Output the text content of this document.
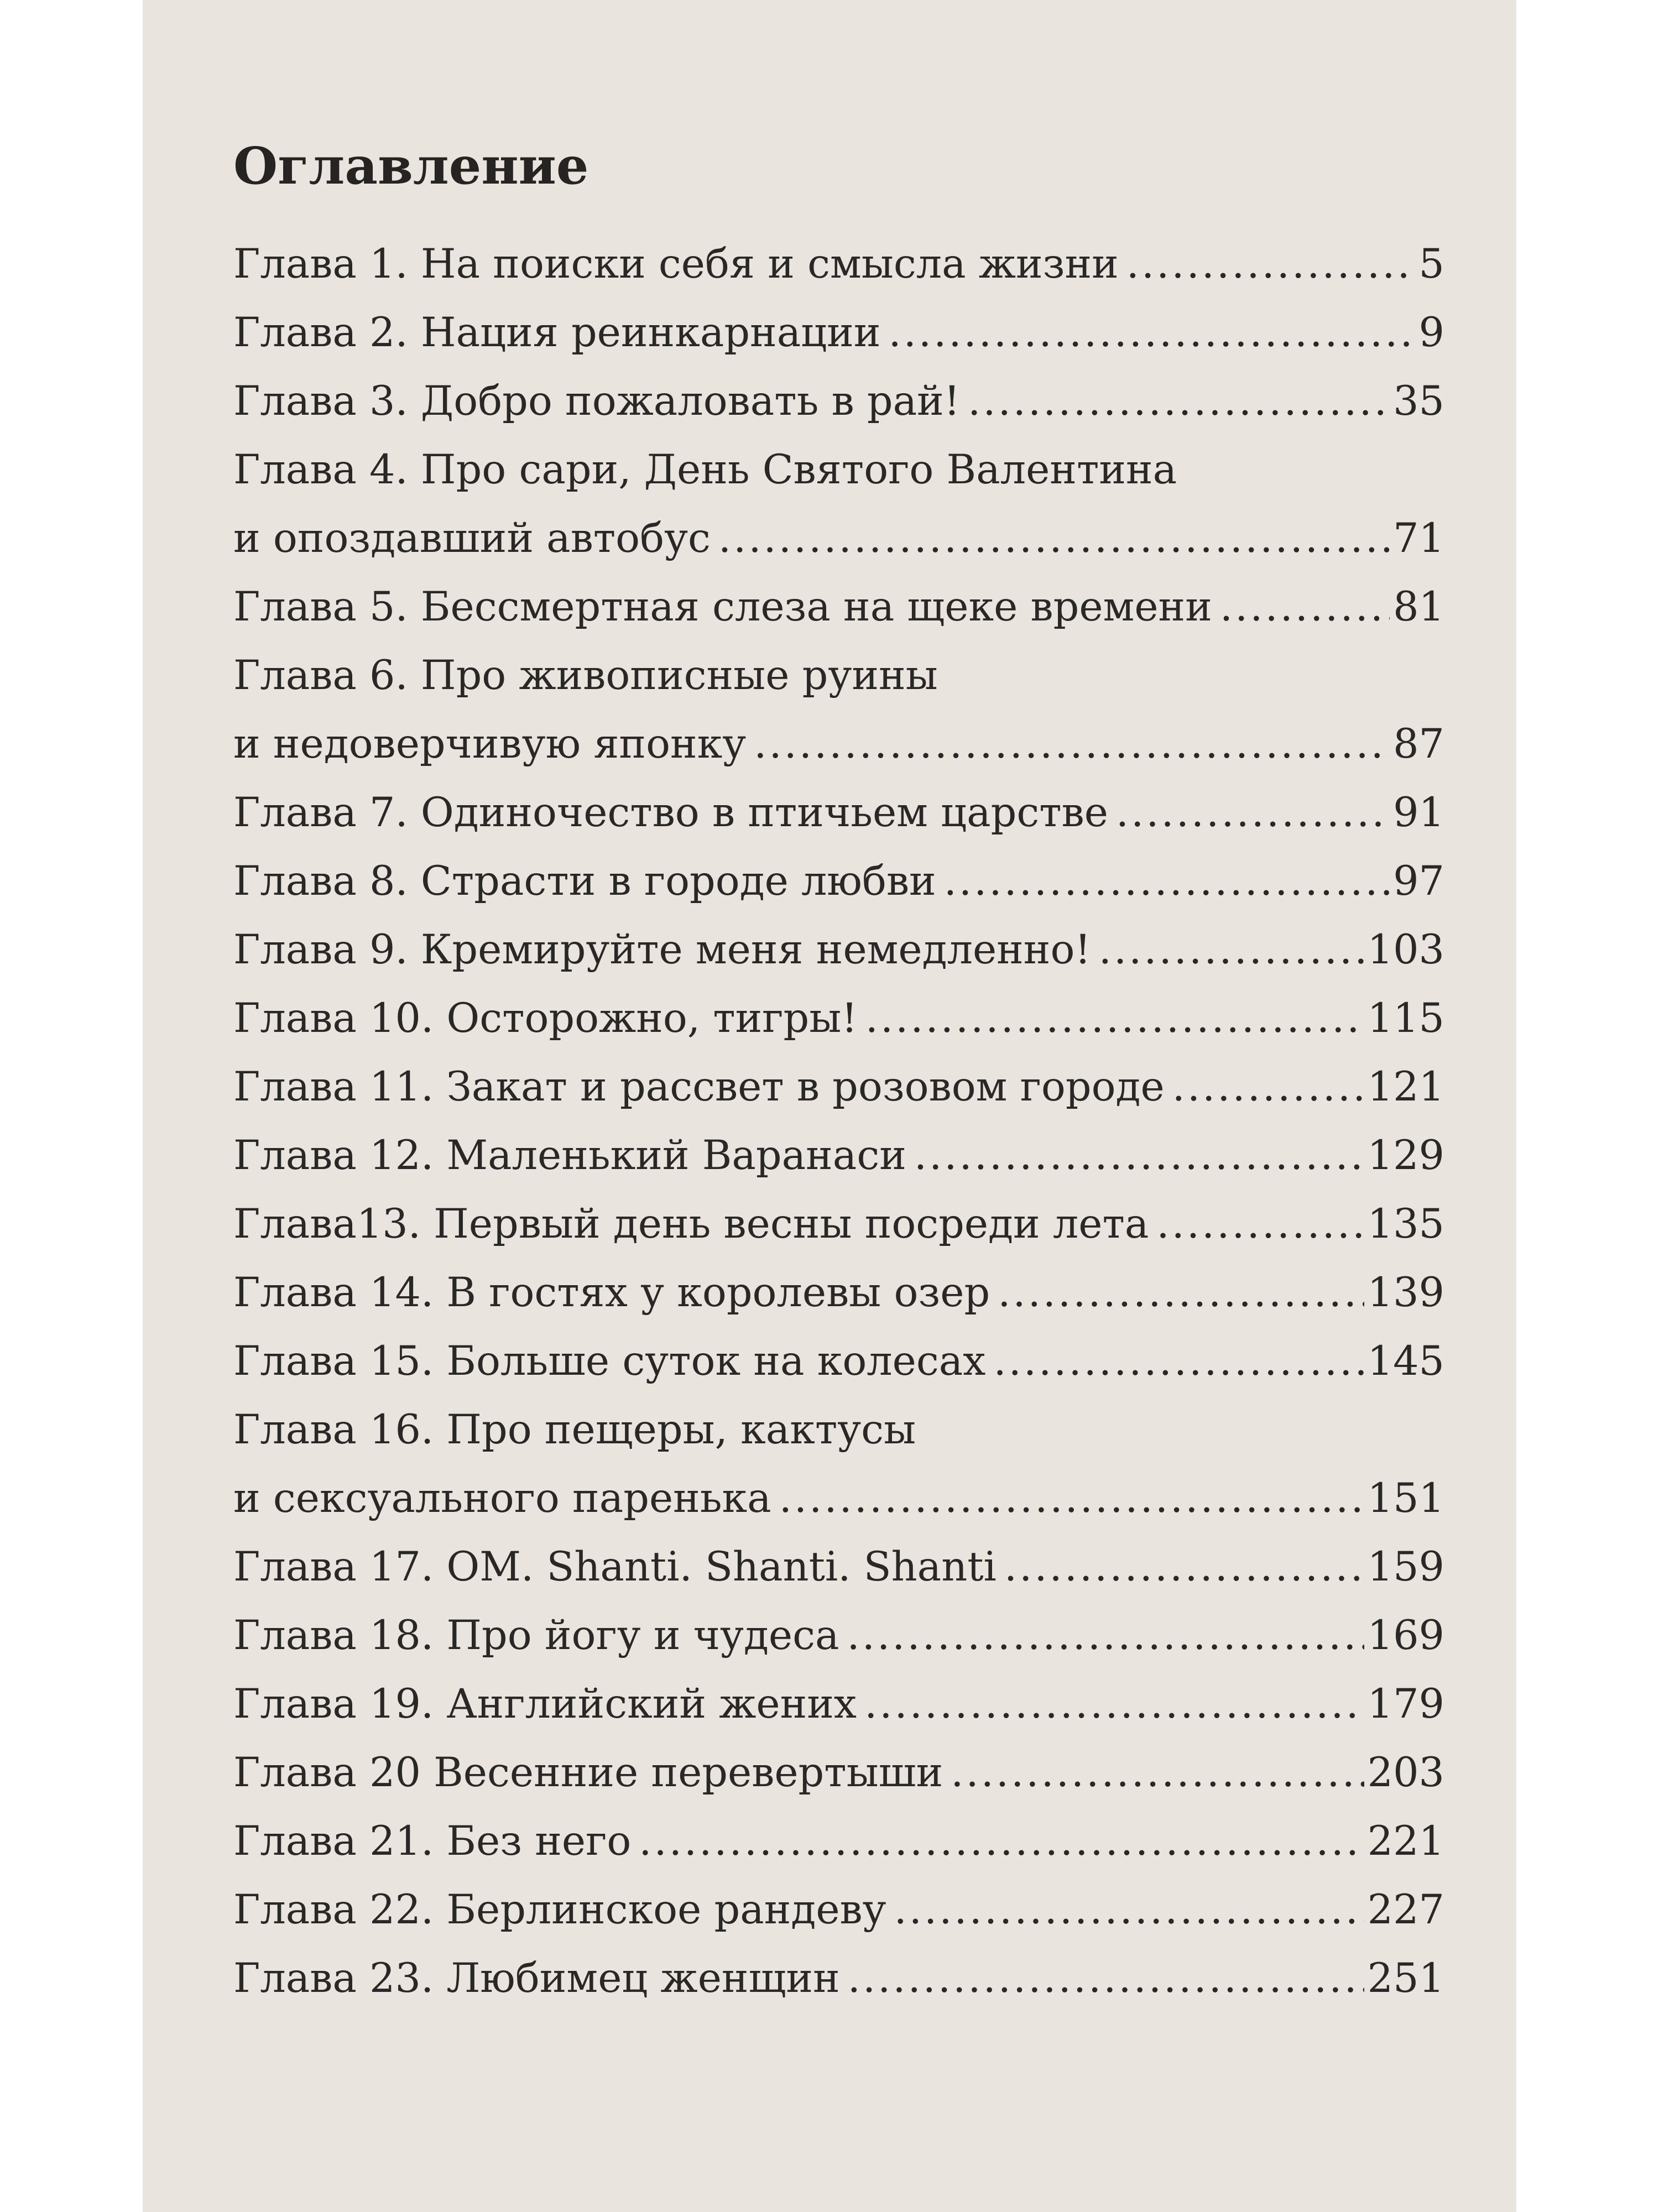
Оглавление
Глава 1. На поиски себя и смысла жизни .....	5
Глава 2. Нация реинкарнации .....	9
Глава 3. Добро пожаловать в рай! .....	35
Глава 4. Про сари, День Святого Валентина
и опоздавший автобус .....	71
Глава 5. Бессмертная слеза на щеке времени .....	81
Глава 6. Про живописные руины
и недоверчивую японку .....	87
Глава 7. Одиночество в птичьем царстве .....	91
Глава 8. Страсти в городе любви .....	97
Глава 9. Кремируйте меня немедленно! .....	103
Глава 10. Осторожно, тигры! .....	115
Глава 11. Закат и рассвет в розовом городе .....	121
Глава 12. Маленький Варанаси .....	129
Глава13. Первый день весны посреди лета .....	135
Глава 14. В гостях у королевы озер .....	139
Глава 15. Больше суток на колесах .....	145
Глава 16. Про пещеры, кактусы
и сексуального паренька .....	151
Глава 17. OM. Shanti. Shanti. Shanti .....	159
Глава 18. Про йогу и чудеса .....	169
Глава 19. Английский жених .....	179
Глава 20 Весенние перевертыши .....	203
Глава 21. Без него .....	221
Глава 22. Берлинское рандеву .....	227
Глава 23. Любимец женщин .....	251
